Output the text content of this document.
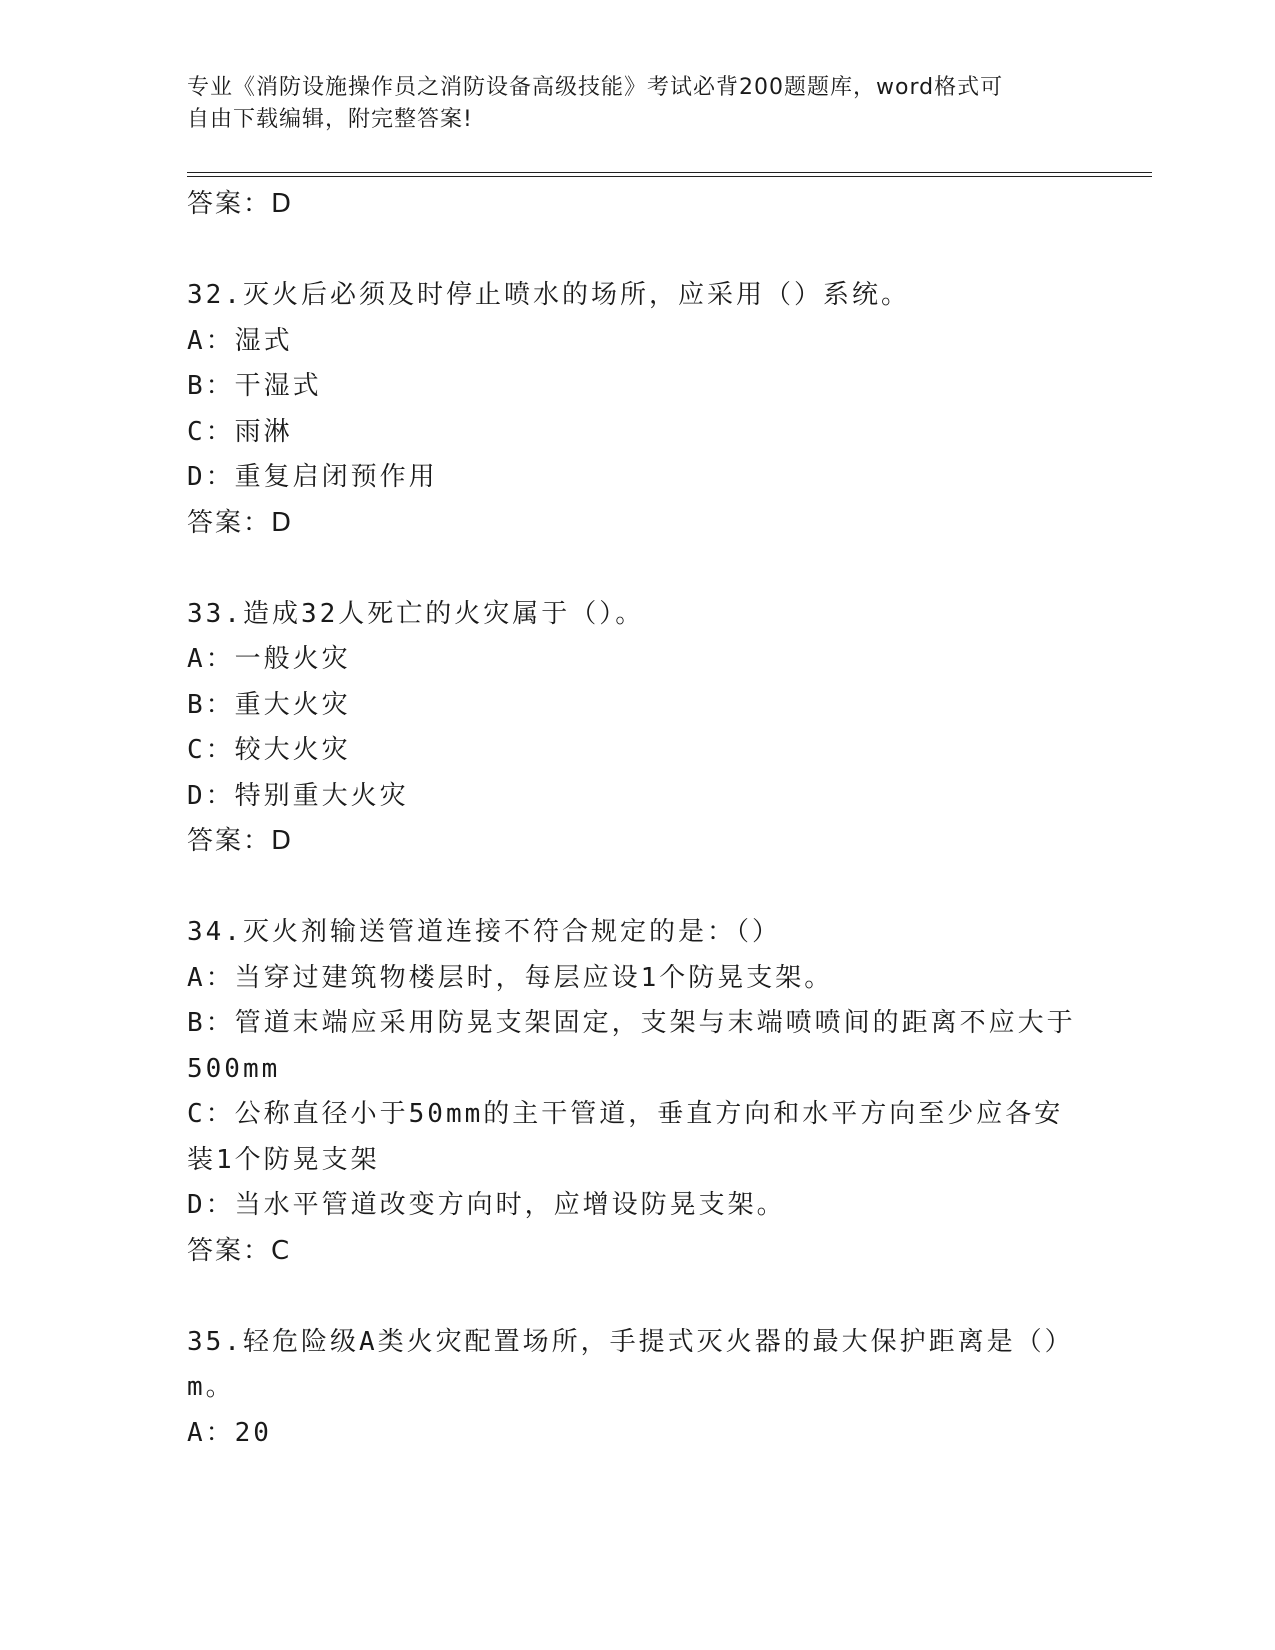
专业《消防设施操作员之消防设备高级技能》考试必背200题题库，word格式可
自由下载编辑，附完整答案!
答案：D
32.灭火后必须及时停止喷水的场所，应采用（）系统。
A：湿式
B：干湿式
C：雨淋
D：重复启闭预作用
答案：D
33.造成32人死亡的火灾属于（）。
A：一般火灾
B：重大火灾
C：较大火灾
D：特别重大火灾
答案：D
34.灭火剂输送管道连接不符合规定的是：（）
A：当穿过建筑物楼层时，每层应设1个防晃支架。
B：管道末端应采用防晃支架固定，支架与末端喷喷间的距离不应大于
500mm
C：公称直径小于50mm的主干管道，垂直方向和水平方向至少应各安
装1个防晃支架
D：当水平管道改变方向时，应增设防晃支架。
答案：C
35.轻危险级A类火灾配置场所，手提式灭火器的最大保护距离是（）
m。
A：20
